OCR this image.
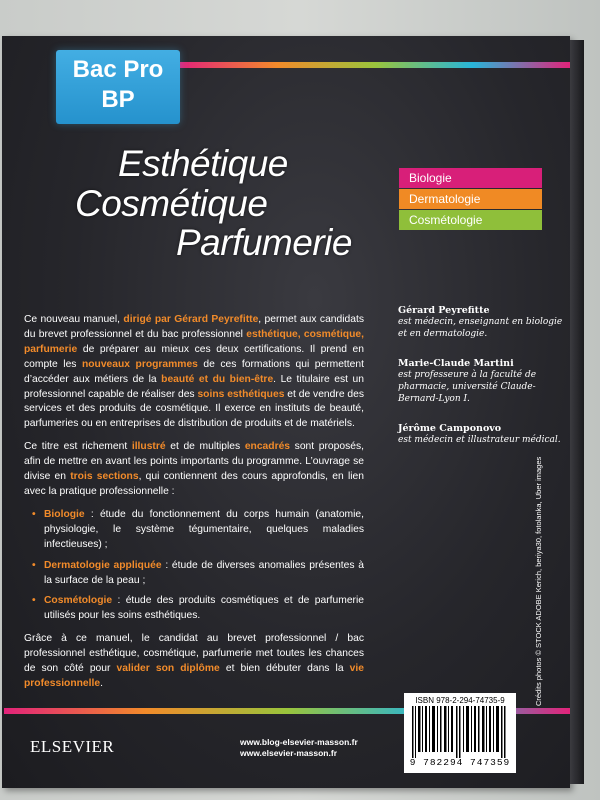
Bac Pro
BP
Esthétique
Cosmétique
Parfumerie
Biologie
Dermatologie
Cosmétologie
Gérard Peyrefitte
est médecin, enseignant en biologie et en dermatologie.
Marie-Claude Martini
est professeure à la faculté de pharmacie, université Claude-Bernard-Lyon I.
Jérôme Camponovo
est médecin et illustrateur médical.

Ce nouveau manuel, dirigé par Gérard Peyrefitte, permet aux candidats du brevet professionnel et du bac professionnel esthétique, cosmétique, parfumerie de préparer au mieux ces deux certifications. Il prend en compte les nouveaux programmes de ces formations qui permettent d’accéder aux métiers de la beauté et du bien-être. Le titulaire est un professionnel capable de réaliser des soins esthétiques et de vendre des services et des produits de cosmétique. Il exerce en instituts de beauté, parfumeries ou en entreprises de distribution de produits et de matériels.

Ce titre est richement illustré et de multiples encadrés sont proposés, afin de mettre en avant les points importants du programme. L’ouvrage se divise en trois sections, qui contiennent des cours approfondis, en lien avec la pratique professionnelle :

• Biologie : étude du fonctionnement du corps humain (anatomie, physiologie, le système tégumentaire, quelques maladies infectieuses) ;
• Dermatologie appliquée : étude de diverses anomalies présentes à la surface de la peau ;
• Cosmétologie : étude des produits cosmétiques et de parfumerie utilisés pour les soins esthétiques.

Grâce à ce manuel, le candidat au brevet professionnel / bac professionnel esthétique, cosmétique, parfumerie met toutes les chances de son côté pour valider son diplôme et bien débuter dans la vie professionnelle.	Crédits photos © STOCK ADOBE Kerich, beriya30, fotolanka, Uber images
ISBN 978-2-294-74735-9
9 782294 747359
ELSEVIER	www.blog-elsevier-masson.fr
www.elsevier-masson.fr
